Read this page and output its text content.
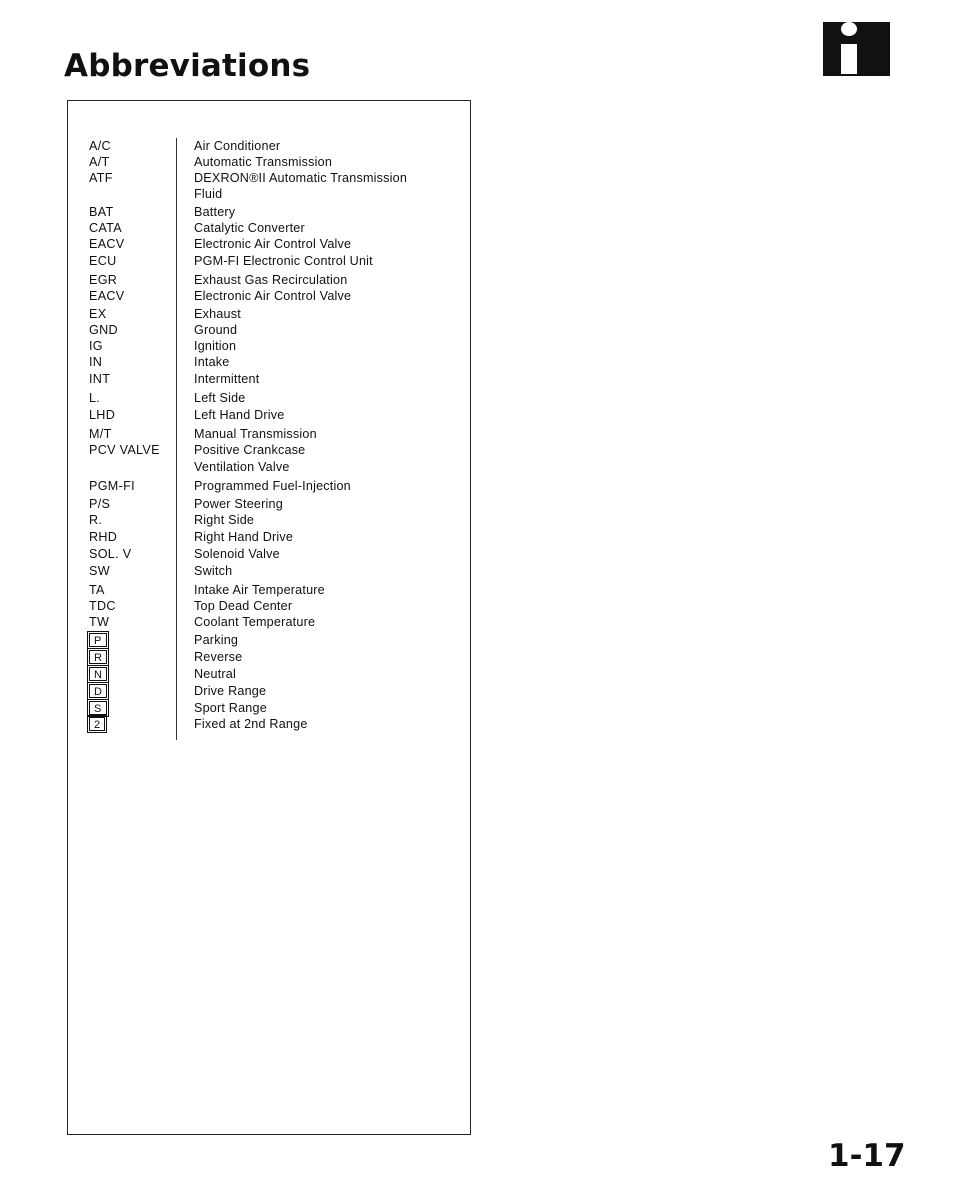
Abbreviations
A/C	Air Conditioner
A/T	Automatic Transmission
ATF	DEXRON®II Automatic Transmission
Fluid
BAT	Battery
CATA	Catalytic Converter
EACV	Electronic Air Control Valve
ECU	PGM-FI Electronic Control Unit
EGR	Exhaust Gas Recirculation
EACV	Electronic Air Control Valve
EX	Exhaust
GND	Ground
IG	Ignition
IN	Intake
INT	Intermittent
L.	Left Side
LHD	Left Hand Drive
M/T	Manual Transmission
PCV VALVE	Positive Crankcase
Ventilation Valve
PGM-FI	Programmed Fuel-Injection
P/S	Power Steering
R.	Right Side
RHD	Right Hand Drive
SOL. V	Solenoid Valve
SW	Switch
TA	Intake Air Temperature
TDC	Top Dead Center
TW	Coolant Temperature
P	Parking
R	Reverse
N	Neutral
D	Drive Range
S	Sport Range
2	Fixed at 2nd Range
1-17
